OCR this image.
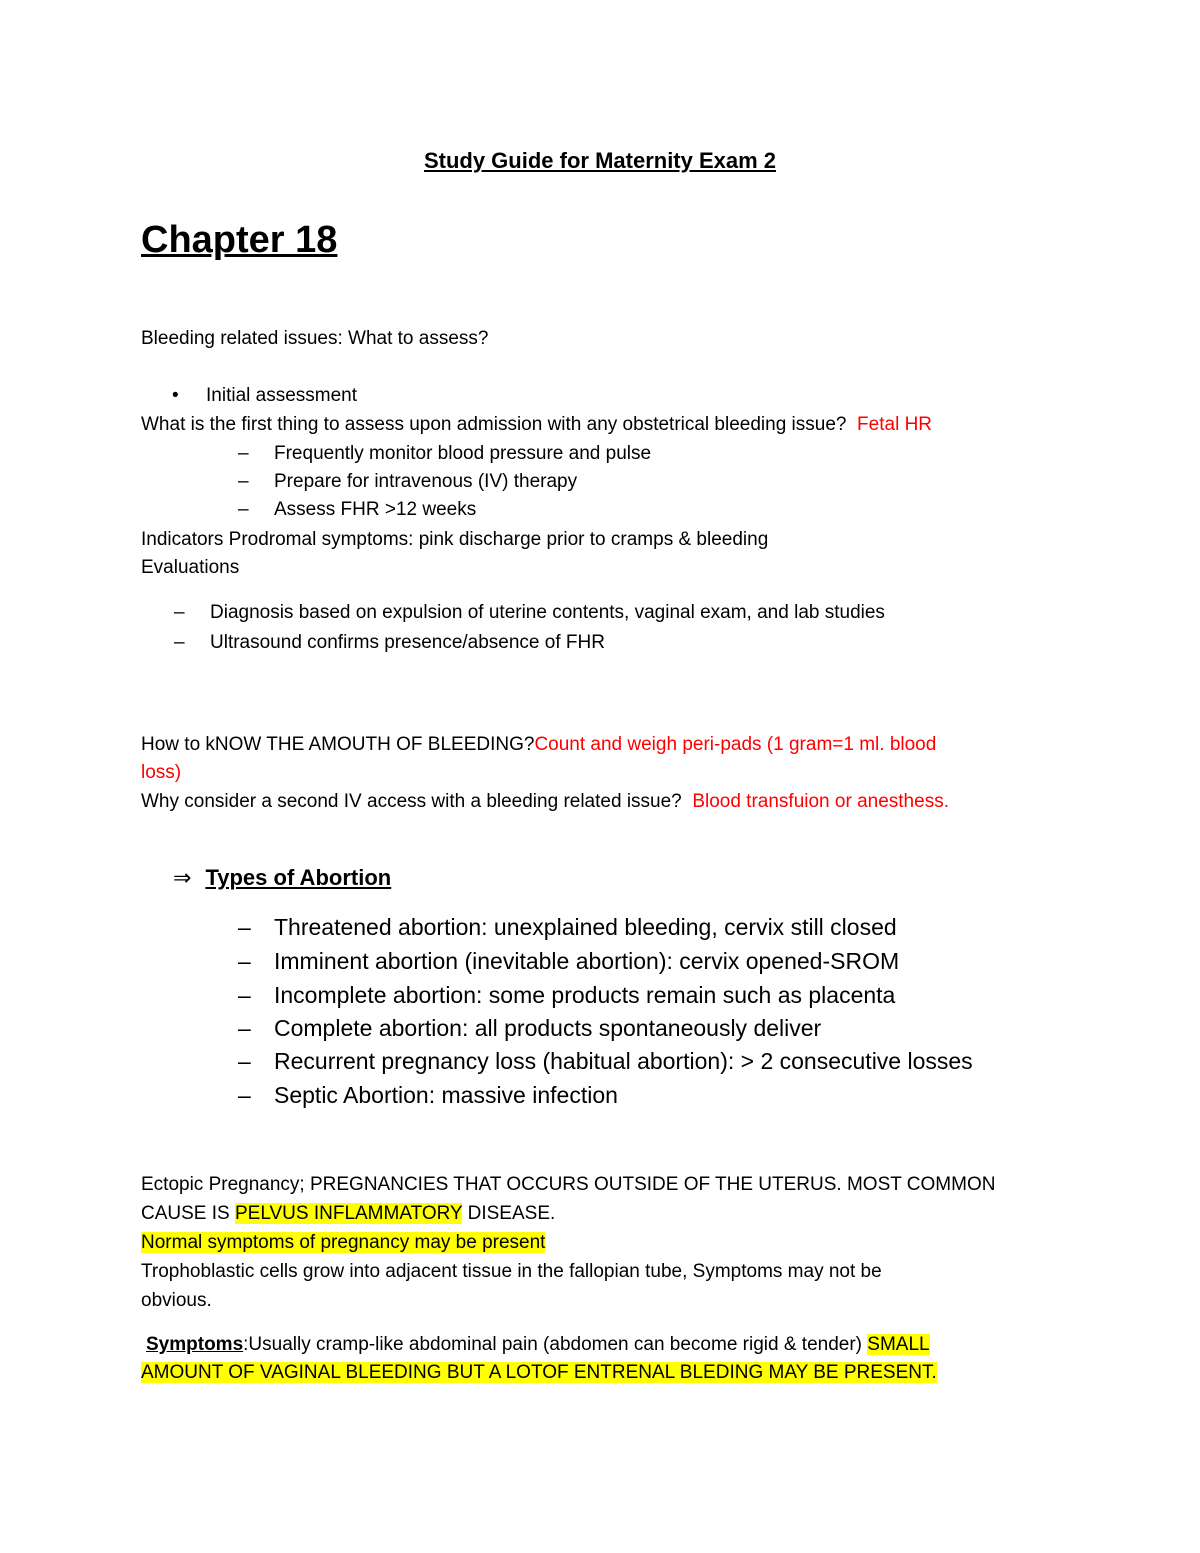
Study Guide for Maternity Exam 2
Chapter 18
Bleeding related issues: What to assess?
• Initial assessment
What is the first thing to assess upon admission with any obstetrical bleeding issue? Fetal HR
– Frequently monitor blood pressure and pulse
– Prepare for intravenous (IV) therapy
– Assess FHR >12 weeks
Indicators Prodromal symptoms: pink discharge prior to cramps & bleeding
Evaluations
– Diagnosis based on expulsion of uterine contents, vaginal exam, and lab studies
– Ultrasound confirms presence/absence of FHR
How to kNOW THE AMOUTH OF BLEEDING?Count and weigh peri-pads (1 gram=1 ml. blood
loss)
Why consider a second IV access with a bleeding related issue? Blood transfuion or anesthess.
⇒ Types of Abortion
– Threatened abortion: unexplained bleeding, cervix still closed
– Imminent abortion (inevitable abortion): cervix opened-SROM
– Incomplete abortion: some products remain such as placenta
– Complete abortion: all products spontaneously deliver
– Recurrent pregnancy loss (habitual abortion): > 2 consecutive losses
– Septic Abortion: massive infection
Ectopic Pregnancy; PREGNANCIES THAT OCCURS OUTSIDE OF THE UTERUS. MOST COMMON
CAUSE IS PELVUS INFLAMMATORY DISEASE.
Normal symptoms of pregnancy may be present
Trophoblastic cells grow into adjacent tissue in the fallopian tube, Symptoms may not be
obvious.
Symptoms:Usually cramp-like abdominal pain (abdomen can become rigid & tender) SMALL
AMOUNT OF VAGINAL BLEEDING BUT A LOTOF ENTRENAL BLEDING MAY BE PRESENT.
